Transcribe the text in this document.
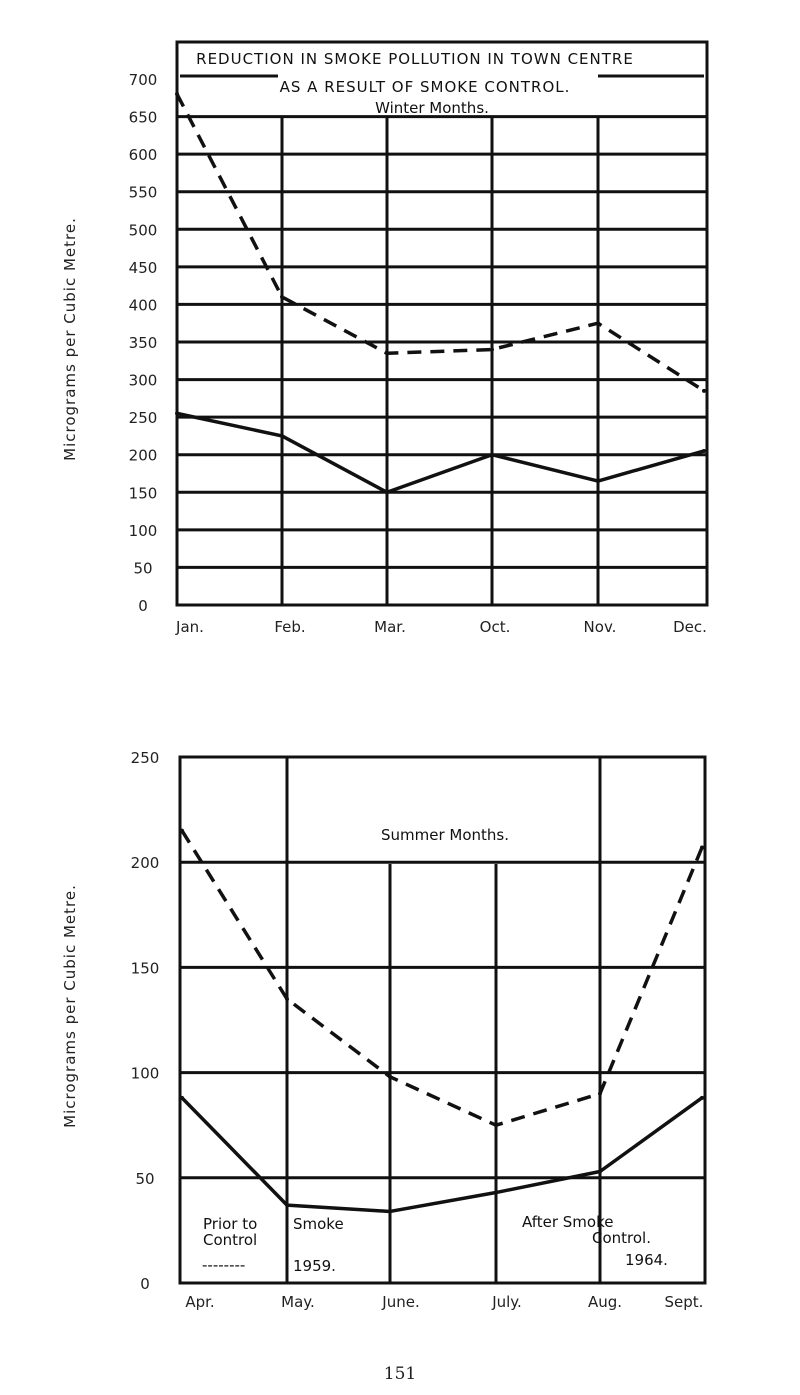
0
50
100
150
200
250
300
350
400
450
500
550
600
650
700
Jan.	Feb.	Mar.	Oct.	Nov.	Dec.
REDUCTION IN SMOKE POLLUTION IN TOWN CENTRE
AS A RESULT OF SMOKE CONTROL.
Winter Months.
0
50
100
150
200
250
Apr.	May.	June.	July.	Aug.	Sept.
Summer Months.
Prior to
Control
--------
Smoke
1959.
After Smoke
Control.
1964.
Micrograms per Cubic Metre.
Micrograms per Cubic Metre.
151
